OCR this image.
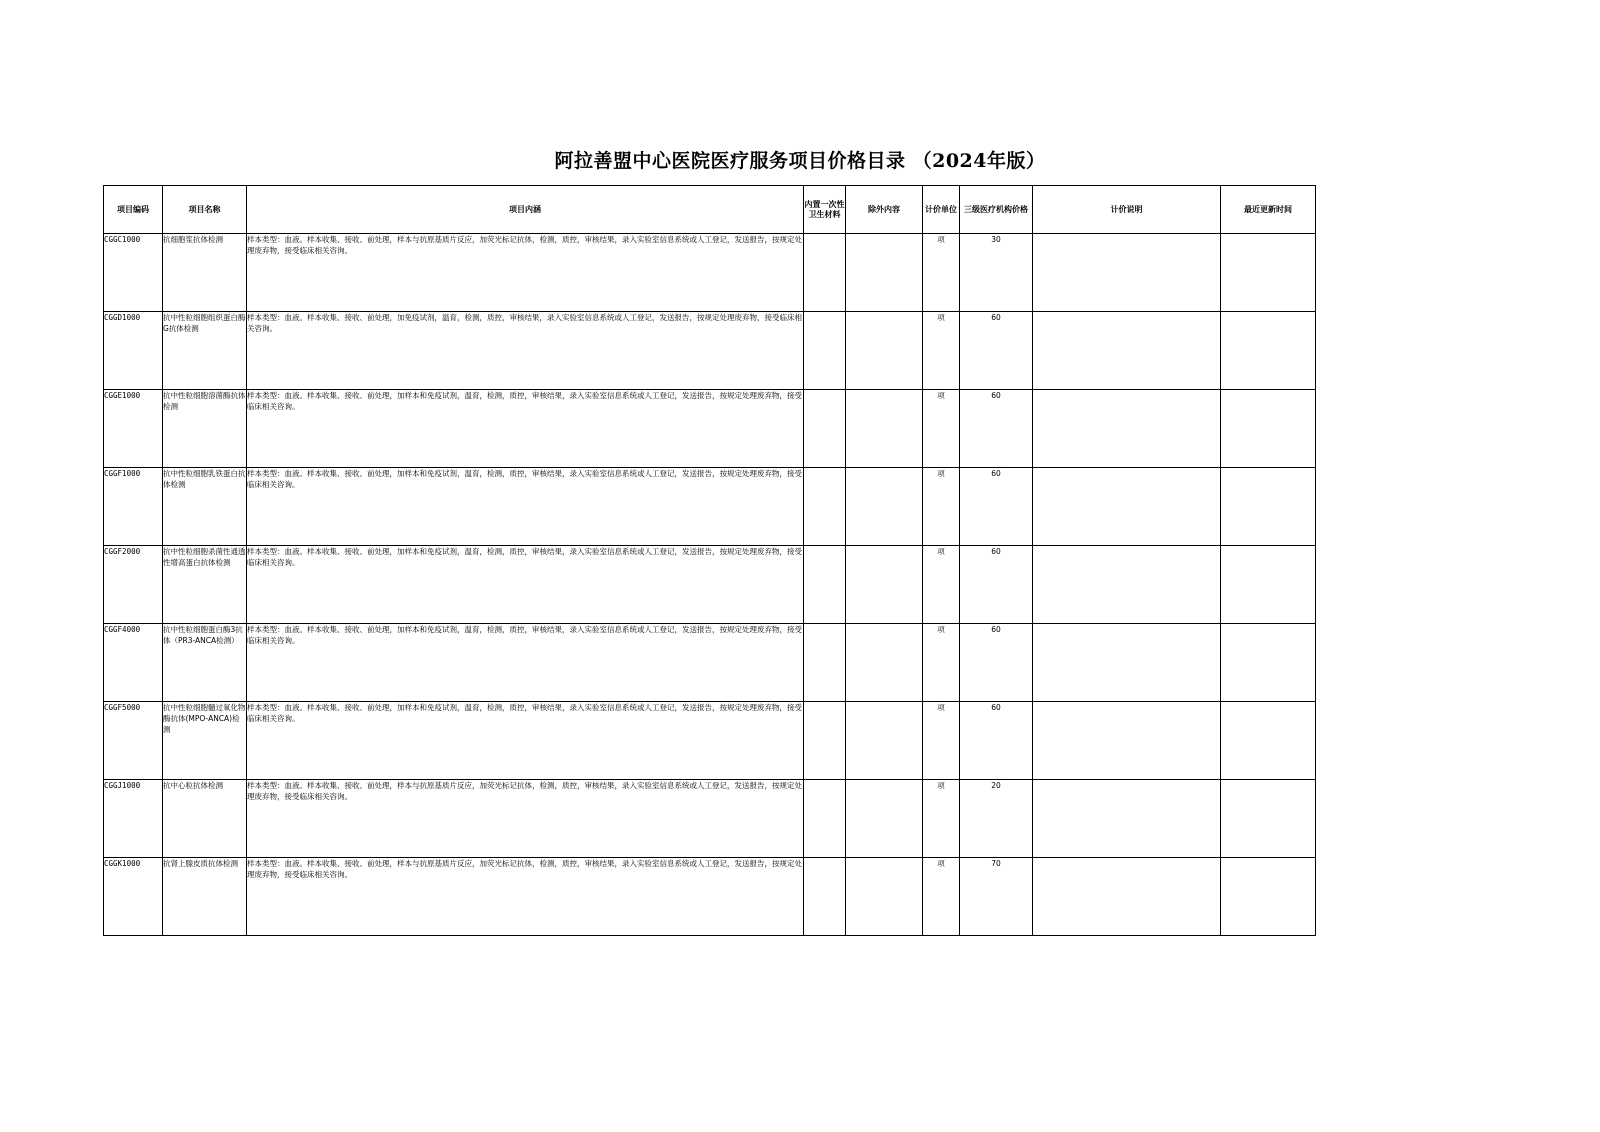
阿拉善盟中心医院医疗服务项目价格目录 （2024年版）
项目编码	项目名称	项目内涵	内置一次性卫生材料	除外内容	计价单位	三级医疗机构价格	计价说明	最近更新时间
CGGC1000	抗细胞浆抗体检测	样本类型：血液。样本收集、接收、前处理，样本与抗原基质片反应，加荧光标记抗体，检测，质控，审核结果，录入实验室信息系统或人工登记，发送报告，按规定处理废弃物，接受临床相关咨询。			项	30		
CGGD1000	抗中性粒细胞组织蛋白酶G抗体检测	样本类型：血液。样本收集、接收、前处理，加免疫试剂，温育，检测，质控，审核结果，录入实验室信息系统或人工登记，发送报告，按规定处理废弃物，接受临床相关咨询。			项	60		
CGGE1000	抗中性粒细胞溶菌酶抗体检测	样本类型：血液。样本收集、接收、前处理，加样本和免疫试剂，温育，检测，质控，审核结果，录入实验室信息系统或人工登记，发送报告，按规定处理废弃物，接受临床相关咨询。			项	60		
CGGF1000	抗中性粒细胞乳铁蛋白抗体检测	样本类型：血液。样本收集、接收、前处理，加样本和免疫试剂，温育，检测，质控，审核结果，录入实验室信息系统或人工登记，发送报告，按规定处理废弃物，接受临床相关咨询。			项	60		
CGGF2000	抗中性粒细胞杀菌性通透性增高蛋白抗体检测	样本类型：血液。样本收集、接收、前处理，加样本和免疫试剂，温育，检测，质控，审核结果，录入实验室信息系统或人工登记，发送报告，按规定处理废弃物，接受临床相关咨询。			项	60		
CGGF4000	抗中性粒细胞蛋白酶3抗体（PR3-ANCA检测）	样本类型：血液。样本收集、接收、前处理，加样本和免疫试剂，温育，检测，质控，审核结果，录入实验室信息系统或人工登记，发送报告，按规定处理废弃物，接受临床相关咨询。			项	60		
CGGF5000	抗中性粒细胞髓过氧化物酶抗体(MPO-ANCA)检测	样本类型：血液。样本收集、接收、前处理，加样本和免疫试剂，温育，检测，质控，审核结果，录入实验室信息系统或人工登记，发送报告，按规定处理废弃物，接受临床相关咨询。			项	60		
CGGJ1000	抗中心粒抗体检测	样本类型：血液。样本收集、接收、前处理，样本与抗原基质片反应，加荧光标记抗体，检测，质控，审核结果，录入实验室信息系统或人工登记，发送报告，按规定处理废弃物，接受临床相关咨询。			项	20		
CGGK1000	抗肾上腺皮质抗体检测	样本类型：血液。样本收集、接收、前处理，样本与抗原基质片反应，加荧光标记抗体，检测，质控，审核结果，录入实验室信息系统或人工登记，发送报告，按规定处理废弃物，接受临床相关咨询。			项	70		
